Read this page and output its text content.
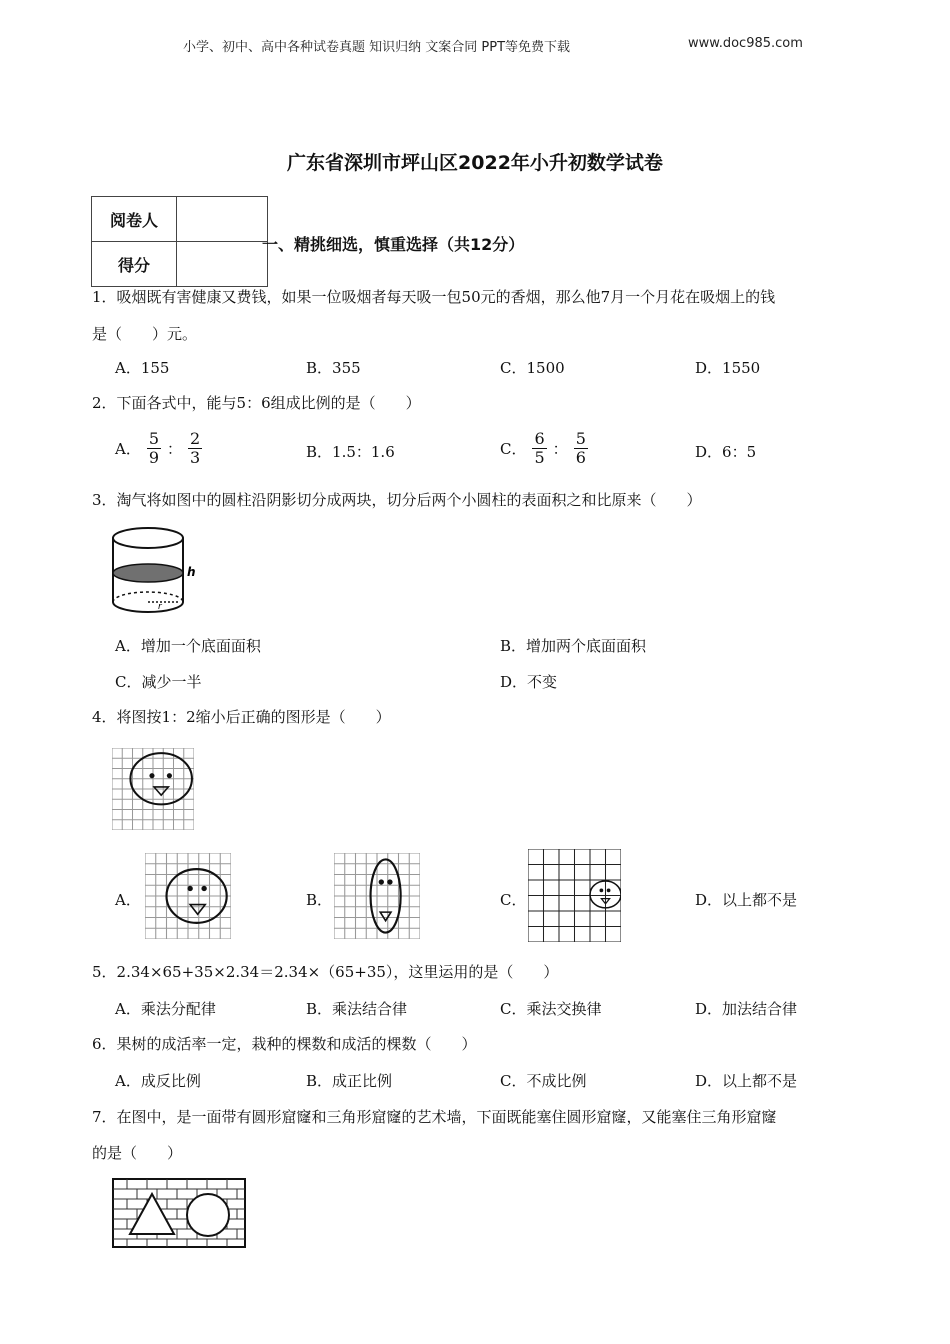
小学、初中、高中各种试卷真题 知识归纳 文案合同 PPT等免费下载	www.doc985.com
广东省深圳市坪山区2022年小升初数学试卷
阅卷人	
得分	
一、精挑细选，慎重选择（共12分）
1．吸烟既有害健康又费钱，如果一位吸烟者每天吸一包50元的香烟，那么他7月一个月花在吸烟上的钱
是（　　）元。
A．155	B．355	C．1500	D．1550
2．下面各式中，能与5：6组成比例的是（　　）
A． $\frac{5}{9}$ ： $\frac{2}{3}$	B．1.5：1.6	C． $\frac{6}{5}$ ： $\frac{5}{6}$	D．6：5
3．淘气将如图中的圆柱沿阴影切分成两块，切分后两个小圆柱的表面积之和比原来（　　）
h
r
A．增加一个底面面积	B．增加两个底面面积
C．减少一半	D．不变
4．将图按1：2缩小后正确的图形是（　　）
A．	B．	C．	D．以上都不是
5．2.34×65+35×2.34＝2.34×（65+35），这里运用的是（　　）
A．乘法分配律	B．乘法结合律	C．乘法交换律	D．加法结合律
6．果树的成活率一定，栽种的棵数和成活的棵数（　　）
A．成反比例	B．成正比例	C．不成比例	D．以上都不是
7．在图中，是一面带有圆形窟窿和三角形窟窿的艺术墙，下面既能塞住圆形窟窿，又能塞住三角形窟窿
的是（　　）
